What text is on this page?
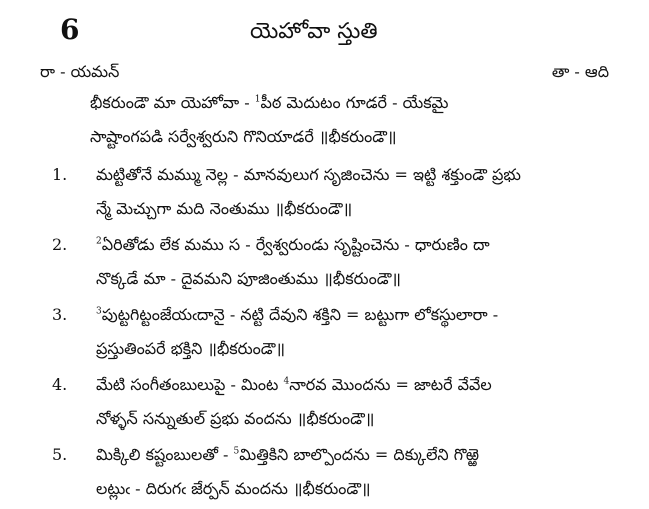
6	యెహోవా స్తుతి
రా - యమన్	తా - ఆది
భీకరుండౌ మా యెహోవా - $^1$పీఠ మెదుటం గూడరే - యేకమై
సాష్టాంగపడి సర్వేశ్వరుని గొనియాడరే ॥భీకరుండౌ॥
1. మట్టితోనే మమ్ము నెల్ల - మానవులుగ సృజించెను = ఇట్టి శక్తుండౌ ప్రభు
న్మే మెచ్చుగా మది నెంతుము ॥భీకరుండౌ॥
2.	$^2$ఏరితోడు లేక మము స - ర్వేశ్వరుండు సృష్టించెను - ధారుణిం దా
నొక్కడే మా - దైవమని పూజింతుము ॥భీకరుండౌ॥
3.	$^3$పుట్టగిట్టంజేయఁదానై - నట్టి దేవుని శక్తిని = బట్టుగా లోకస్థులారా -
ప్రస్తుతింపరే భక్తిని ॥భీకరుండౌ॥
4. మేటి సంగీతంబులుపై - మింట $^4$నారవ మొందను = జాటరే వేవేల
నోళ్ళన్ సన్నుతుల్ ప్రభు వందను ॥భీకరుండౌ॥
5. మిక్కిలి కష్టంబులతో - $^5$మిత్తికిని బాల్పొందను = దిక్కులేని గొఱ్ఱె
లట్లుఁ - దిరుగఁ జేర్పన్ మందను ॥భీకరుండౌ॥
